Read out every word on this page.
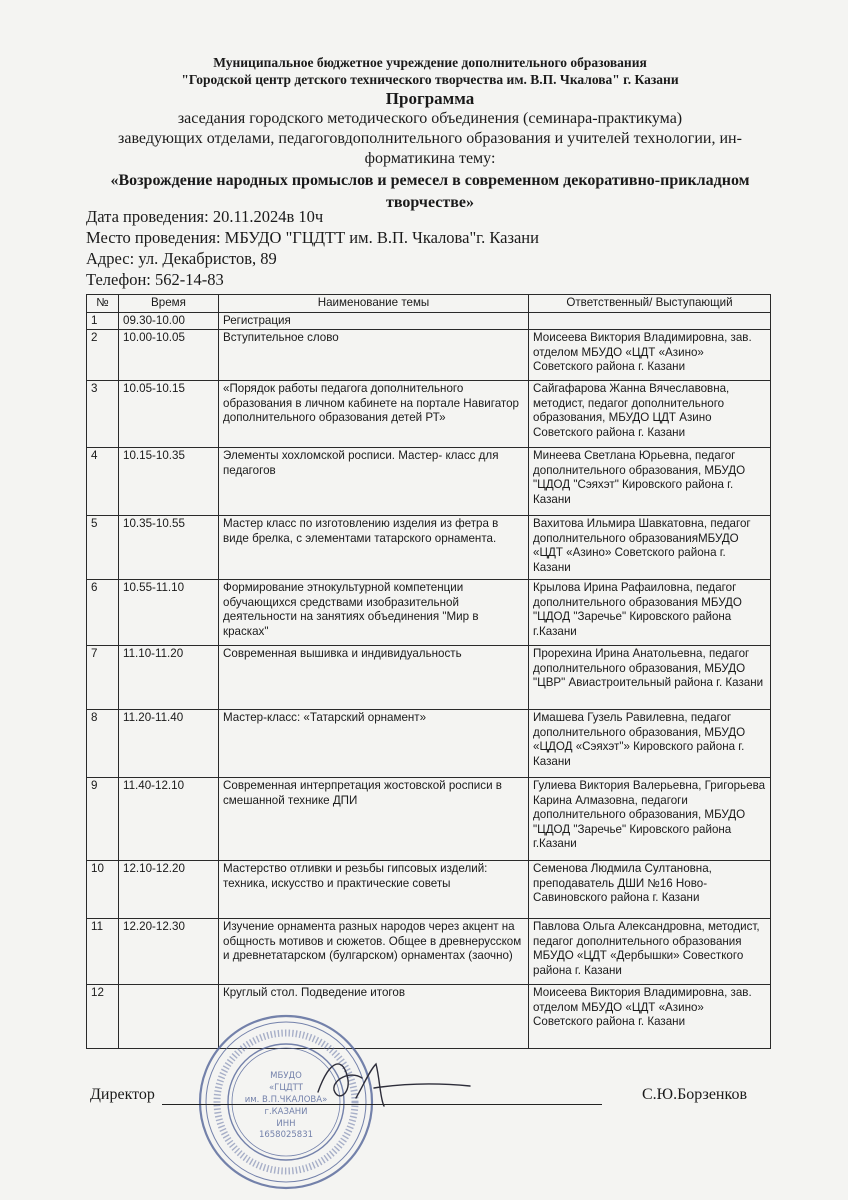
Муниципальное бюджетное учреждение дополнительного образования
"Городской центр детского технического творчества им. В.П. Чкалова" г. Казани
Программа
заседания городского методического объединения (семинара-практикума)
заведующих отделами, педагоговдополнительного образования и учителей технологии, ин-
форматикина тему:
«Возрождение народных промыслов и ремесел в современном декоративно-прикладном
творчестве»
Дата проведения: 20.11.2024в 10ч
Место проведения: МБУДО "ГЦДТТ им. В.П. Чкалова"г. Казани
Адрес: ул. Декабристов, 89
Телефон: 562-14-83
№	Время	Наименование темы	Ответственный/ Выступающий
1	09.30-10.00	Регистрация	
2	10.00-10.05	Вступительное слово	Моисеева Виктория Владимировна, зав. отделом МБУДО «ЦДТ «Азино» Советского района г. Казани
3	10.05-10.15	«Порядок работы педагога дополнительного образования в личном кабинете на портале Навигатор дополнительного образования детей РТ»	Сайгафарова Жанна Вячеславовна, методист, педагог дополнительного образования, МБУДО ЦДТ Азино Советского района г. Казани
4	10.15-10.35	Элементы хохломской росписи. Мастер- класс для педагогов	Минеева Светлана Юрьевна, педагог дополнительного образования, МБУДО "ЦДОД "Сэяхэт" Кировского района г. Казани
5	10.35-10.55	Мастер класс по изготовлению изделия из фетра в виде брелка, с элементами татарского орнамента.	Вахитова Ильмира Шавкатовна, педагог дополнительного образованияМБУДО «ЦДТ «Азино» Советского района г. Казани
6	10.55-11.10	Формирование этнокультурной компетенции обучающихся средствами изобразительной деятельности на занятиях объединения "Мир в красках"	Крылова Ирина Рафаиловна, педагог дополнительного образования МБУДО "ЦДОД "Заречье" Кировского района г.Казани
7	11.10-11.20	Современная вышивка и индивидуальность	Прорехина Ирина Анатольевна, педагог дополнительного образования, МБУДО "ЦВР" Авиастроительный района г. Казани
8	11.20-11.40	Мастер-класс: «Татарский орнамент»	Имашева Гузель Равилевна, педагог дополнительного образования, МБУДО «ЦДОД «Сэяхэт"» Кировского района г. Казани
9	11.40-12.10	Современная интерпретация жостовской росписи в смешанной технике ДПИ	Гулиева Виктория Валерьевна, Григорьева Карина Алмазовна, педагоги дополнительного образования, МБУДО "ЦДОД "Заречье" Кировского района г.Казани
10	12.10-12.20	Мастерство отливки и резьбы гипсовых изделий: техника, искусство и практические советы	Семенова Людмила Султановна, преподаватель ДШИ №16 Ново-Савиновского района г. Казани
11	12.20-12.30	Изучение орнамента разных народов через акцент на общность мотивов и сюжетов. Общее в древнерусском и древнетатарском (булгарском) орнаментах (заочно)	Павлова Ольга Александровна, методист, педагог дополнительного образования МБУДО «ЦДТ «Дербышки» Совесткого района г. Казани
12		Круглый стол. Подведение итогов	Моисеева Виктория Владимировна, зав. отделом МБУДО «ЦДТ «Азино» Советского района г. Казани
МБУДО
«ГЦДТТ
им. В.П.ЧКАЛОВА»
г.КАЗАНИ
ИНН
1658025831
Директор	С.Ю.Борзенков
